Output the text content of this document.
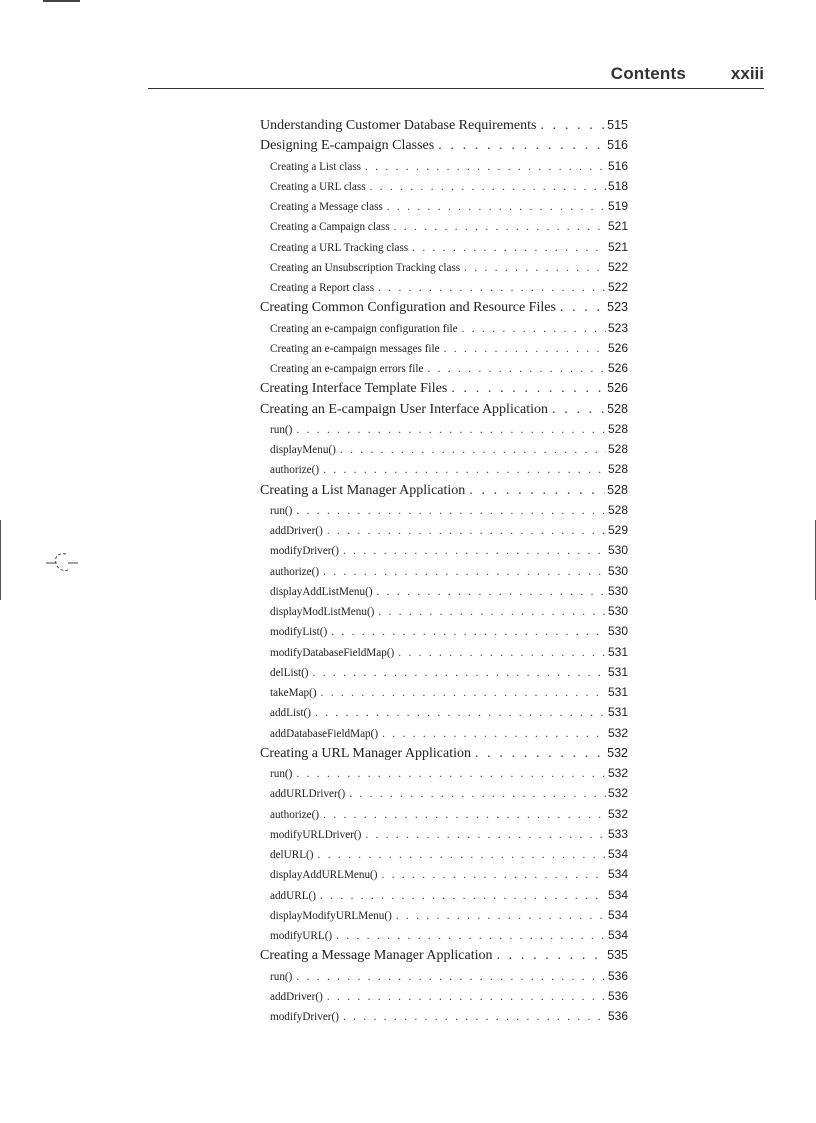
Contents	xxiii
Understanding Customer Database Requirements . . .	515
Designing E-campaign Classes . . .	516
Creating a List class . . .	516
Creating a URL class . . .	518
Creating a Message class . . .	519
Creating a Campaign class . . .	521
Creating a URL Tracking class . . .	521
Creating an Unsubscription Tracking class . . .	522
Creating a Report class . . .	522
Creating Common Configuration and Resource Files . . .	523
Creating an e-campaign configuration file . . .	523
Creating an e-campaign messages file . . .	526
Creating an e-campaign errors file . . .	526
Creating Interface Template Files . . .	526
Creating an E-campaign User Interface Application . . .	528
run() . . .	528
displayMenu() . . .	528
authorize() . . .	528
Creating a List Manager Application . . .	528
run() . . .	528
addDriver() . . .	529
modifyDriver() . . .	530
authorize() . . .	530
displayAddListMenu() . . .	530
displayModListMenu() . . .	530
modifyList() . . .	530
modifyDatabaseFieldMap() . . .	531
delList() . . .	531
takeMap() . . .	531
addList() . . .	531
addDatabaseFieldMap() . . .	532
Creating a URL Manager Application . . .	532
run() . . .	532
addURLDriver() . . .	532
authorize() . . .	532
modifyURLDriver() . . .	533
delURL() . . .	534
displayAddURLMenu() . . .	534
addURL() . . .	534
displayModifyURLMenu() . . .	534
modifyURL() . . .	534
Creating a Message Manager Application . . .	535
run() . . .	536
addDriver() . . .	536
modifyDriver() . . .	536
